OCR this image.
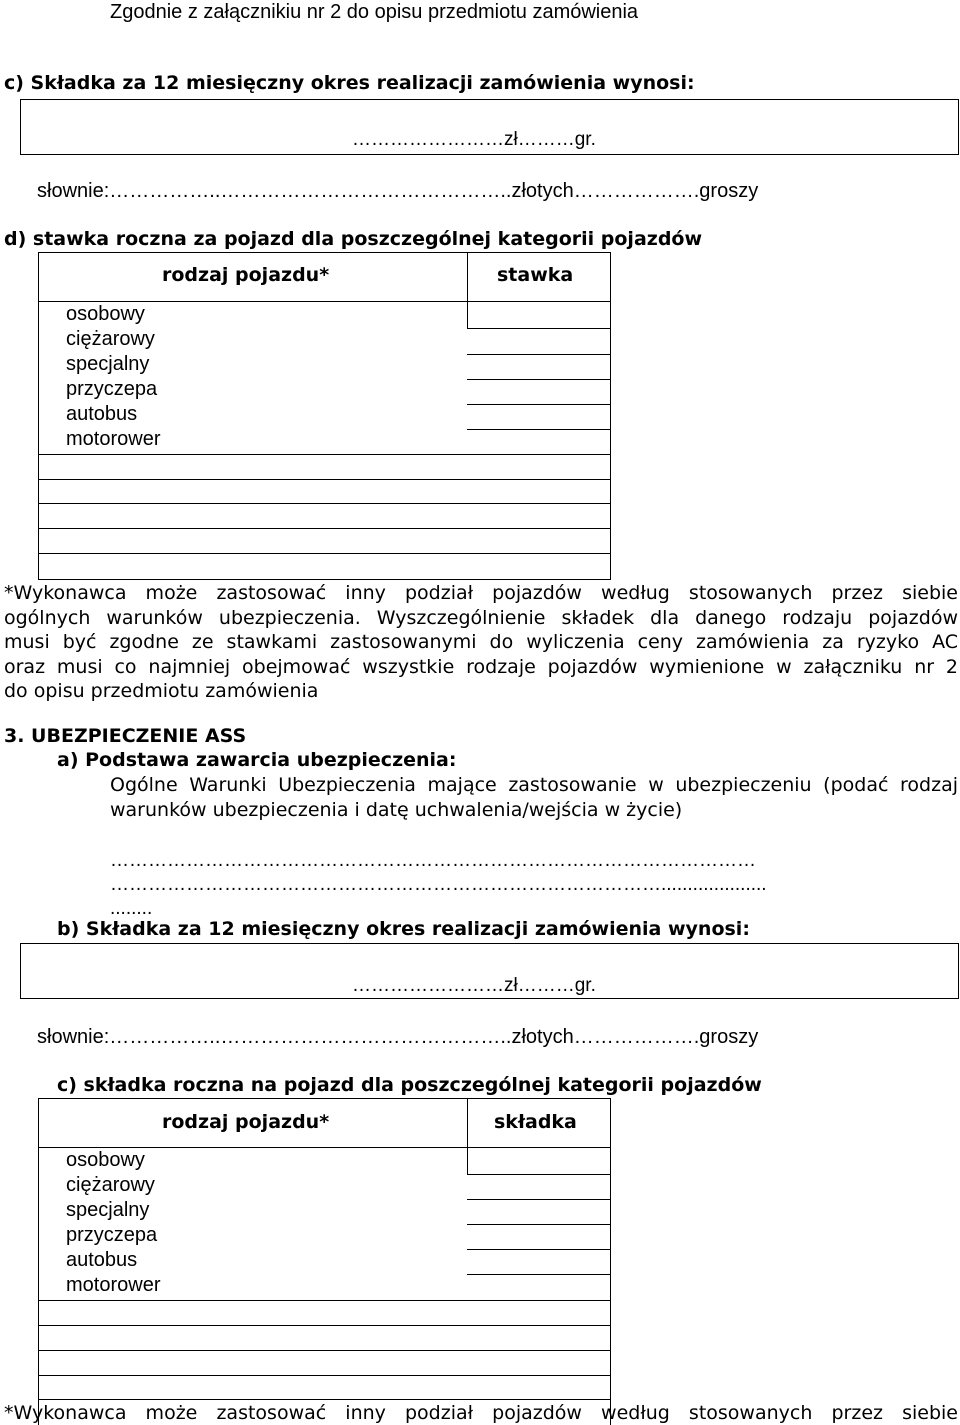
Zgodnie z załącznikiu nr 2 do opisu przedmiotu zamówienia
c) Składka za 12 miesięczny okres realizacji zamówienia wynosi:
……………………zł………gr.
słownie:……………..……………………………………..złotych……………….groszy
d) stawka roczna za pojazd dla poszczególnej kategorii pojazdów
rodzaj pojazdu*	stawka
osobowy
ciężarowy
specjalny
przyczepa
autobus
motorower
*Wykonawca może zastosować inny podział pojazdów według stosowanych przez siebie
ogólnych warunków ubezpieczenia. Wyszczególnienie składek dla danego rodzaju pojazdów
musi być zgodne ze stawkami zastosowanymi do wyliczenia ceny zamówienia za ryzyko AC
oraz musi co najmniej obejmować wszystkie rodzaje pojazdów wymienione w załączniku nr 2
do opisu przedmiotu zamówienia
3. UBEZPIECZENIE ASS
a) Podstawa zawarcia ubezpieczenia:
Ogólne Warunki Ubezpieczenia mające zastosowanie w ubezpieczeniu (podać rodzaj
warunków ubezpieczenia i datę uchwalenia/wejścia w życie)
…………………………………………………………………………………………
……………………………………………………………………………....................
........
b) Składka za 12 miesięczny okres realizacji zamówienia wynosi:
……………………zł………gr.
słownie:……………..……………………………………..złotych……………….groszy
c) składka roczna na pojazd dla poszczególnej kategorii pojazdów
rodzaj pojazdu*	składka
osobowy
ciężarowy
specjalny
przyczepa
autobus
motorower
*Wykonawca może zastosować inny podział pojazdów według stosowanych przez siebie
